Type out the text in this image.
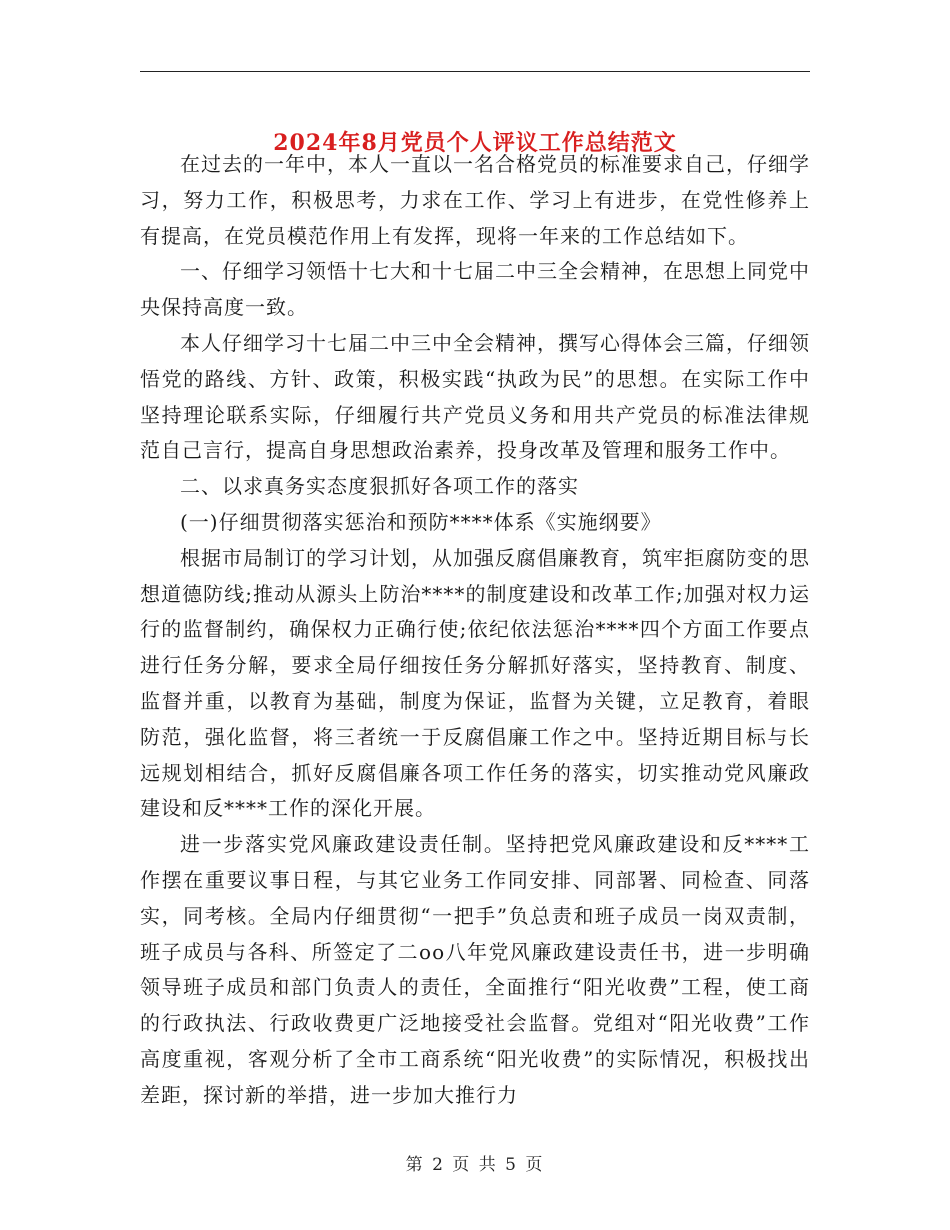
2024年8月党员个人评议工作总结范文

在过去的一年中，本人一直以一名合格党员的标准要求自己，仔细学习，努力工作，积极思考，力求在工作、学习上有进步，在党性修养上有提高，在党员模范作用上有发挥，现将一年来的工作总结如下。

一、仔细学习领悟十七大和十七届二中三全会精神，在思想上同党中央保持高度一致。

本人仔细学习十七届二中三中全会精神，撰写心得体会三篇，仔细领悟党的路线、方针、政策，积极实践“执政为民”的思想。在实际工作中坚持理论联系实际，仔细履行共产党员义务和用共产党员的标准法律规范自己言行，提高自身思想政治素养，投身改革及管理和服务工作中。

二、以求真务实态度狠抓好各项工作的落实

(一)仔细贯彻落实惩治和预防****体系《实施纲要》

根据市局制订的学习计划，从加强反腐倡廉教育，筑牢拒腐防变的思想道德防线;推动从源头上防治****的制度建设和改革工作;加强对权力运行的监督制约，确保权力正确行使;依纪依法惩治****四个方面工作要点进行任务分解，要求全局仔细按任务分解抓好落实，坚持教育、制度、监督并重，以教育为基础，制度为保证，监督为关键，立足教育，着眼防范，强化监督，将三者统一于反腐倡廉工作之中。坚持近期目标与长远规划相结合，抓好反腐倡廉各项工作任务的落实，切实推动党风廉政建设和反****工作的深化开展。

进一步落实党风廉政建设责任制。坚持把党风廉政建设和反****工作摆在重要议事日程，与其它业务工作同安排、同部署、同检查、同落实，同考核。全局内仔细贯彻“一把手”负总责和班子成员一岗双责制，班子成员与各科、所签定了二oo八年党风廉政建设责任书，进一步明确领导班子成员和部门负责人的责任，全面推行“阳光收费”工程，使工商的行政执法、行政收费更广泛地接受社会监督。党组对“阳光收费”工作高度重视，客观分析了全市工商系统“阳光收费”的实际情况，积极找出差距，探讨新的举措，进一步加大推行力

第 2 页 共 5 页
